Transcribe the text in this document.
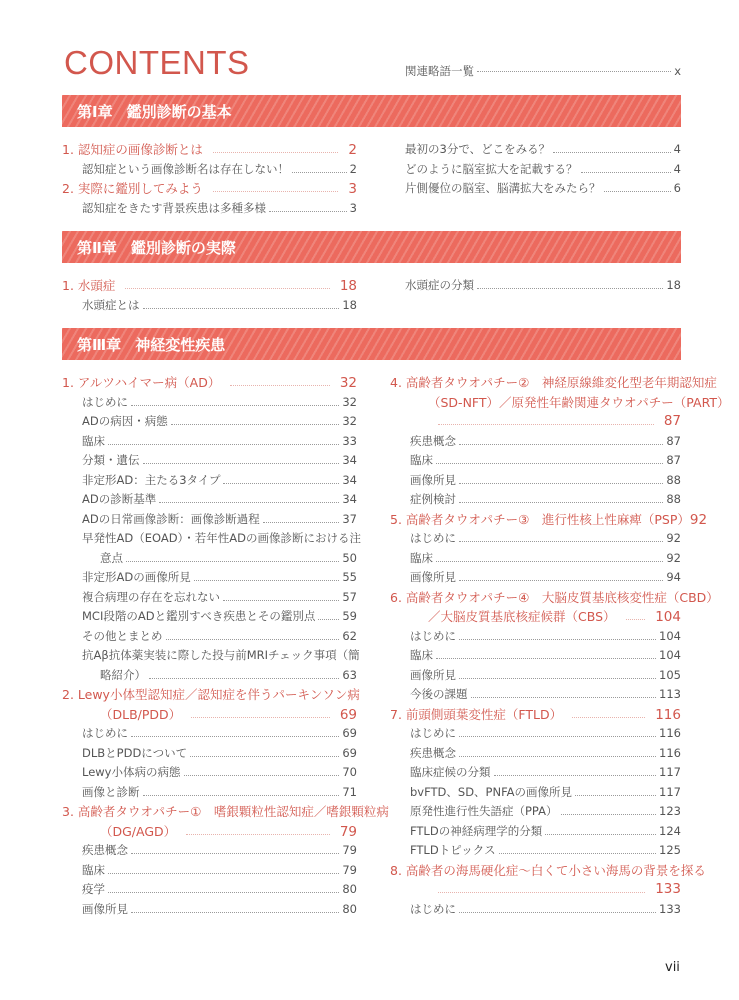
CONTENTS	関連略語一覧	x
第Ⅰ章 鑑別診断の基本
1. 認知症の画像診断とは	2
認知症という画像診断名は存在しない！	2
2. 実際に鑑別してみよう	3
認知症をきたす背景疾患は多種多様	3
最初の3分で、どこをみる？	4
どのように脳室拡大を記載する？	4
片側優位の脳室、脳溝拡大をみたら？	6
第Ⅱ章 鑑別診断の実際
1. 水頭症	18
水頭症とは	18
水頭症の分類	18
第Ⅲ章 神経変性疾患
1. アルツハイマー病（AD）	32
はじめに	32
ADの病因・病態	32
臨床	33
分類・遺伝	34
非定形AD：主たる3タイプ	34
ADの診断基準	34
ADの日常画像診断：画像診断過程	37
早発性AD（EOAD）・若年性ADの画像診断における注
意点	50
非定形ADの画像所見	55
複合病理の存在を忘れない	57
MCI段階のADと鑑別すべき疾患とその鑑別点 59
その他とまとめ	62
抗Aβ抗体薬実装に際した投与前MRIチェック事項（簡
略紹介）	63
2. Lewy小体型認知症／認知症を伴うパーキンソン病
（DLB/PDD）	69
はじめに	69
DLBとPDDについて	69
Lewy小体病の病態	70
画像と診断	71
3. 高齢者タウオパチー①　嗜銀顆粒性認知症／嗜銀顆粒病
（DG/AGD）	79
疾患概念	79
臨床	79
疫学	80
画像所見	80
4. 高齢者タウオパチー②　神経原線維変化型老年期認知症
（SD-NFT）／原発性年齢関連タウオパチー（PART）
87
疾患概念	87
臨床	87
画像所見	88
症例検討	88
5. 高齢者タウオパチー③　進行性核上性麻痺（PSP） 92
はじめに	92
臨床	92
画像所見	94
6. 高齢者タウオパチー④　大脳皮質基底核変性症（CBD）
／大脳皮質基底核症候群（CBS）	104
はじめに	104
臨床	104
画像所見	105
今後の課題	113
7. 前頭側頭葉変性症（FTLD）	116
はじめに	116
疾患概念	116
臨床症候の分類	117
bvFTD、SD、PNFAの画像所見	117
原発性進行性失語症（PPA）	123
FTLDの神経病理学的分類	124
FTLDトピックス	125
8. 高齢者の海馬硬化症～白くて小さい海馬の背景を探る
133
はじめに	133
vii
